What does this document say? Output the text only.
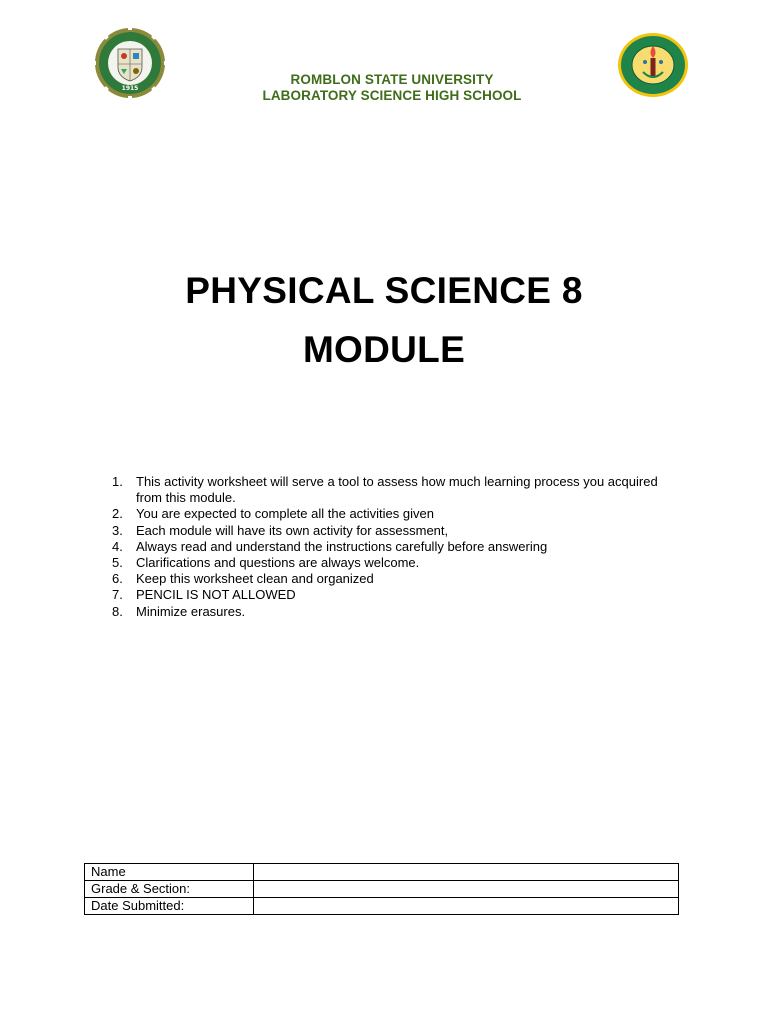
1915
ROMBLON STATE UNIVERSITY
LABORATORY SCIENCE HIGH SCHOOL
PHYSICAL SCIENCE 8
MODULE
1. This activity worksheet will serve a tool to assess how much learning process you acquired from this module.
2. You are expected to complete all the activities given
3. Each module will have its own activity for assessment,
4. Always read and understand the instructions carefully before answering
5. Clarifications and questions are always welcome.
6. Keep this worksheet clean and organized
7. PENCIL IS NOT ALLOWED
8. Minimize erasures.
Name	
Grade & Section:	
Date Submitted:	
